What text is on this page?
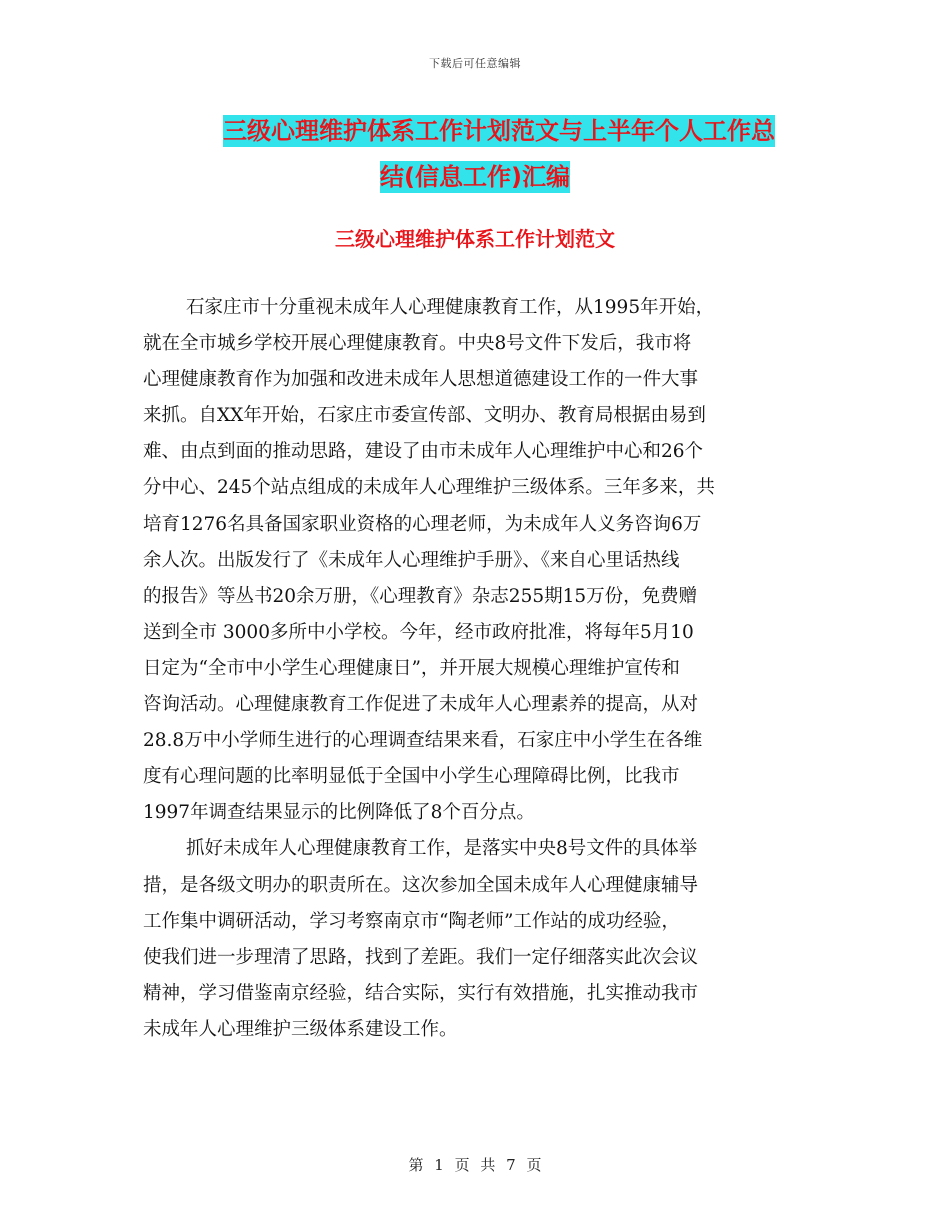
下载后可任意编辑
三级心理维护体系工作计划范文与上半年个人工作总
结(信息工作)汇编
三级心理维护体系工作计划范文
石家庄市十分重视未成年人心理健康教育工作，从1995年开始，
就在全市城乡学校开展心理健康教育。中央8号文件下发后，我市将
心理健康教育作为加强和改进未成年人思想道德建设工作的一件大事
来抓。自XX年开始，石家庄市委宣传部、文明办、教育局根据由易到
难、由点到面的推动思路，建设了由市未成年人心理维护中心和26个
分中心、245个站点组成的未成年人心理维护三级体系。三年多来，共
培育1276名具备国家职业资格的心理老师，为未成年人义务咨询6万
余人次。出版发行了《未成年人心理维护手册》、《来自心里话热线
的报告》等丛书20余万册，《心理教育》杂志255期15万份，免费赠
送到全市 3000多所中小学校。今年，经市政府批准，将每年5月10
日定为“全市中小学生心理健康日”，并开展大规模心理维护宣传和
咨询活动。心理健康教育工作促进了未成年人心理素养的提高，从对
28.8万中小学师生进行的心理调查结果来看，石家庄中小学生在各维
度有心理问题的比率明显低于全国中小学生心理障碍比例，比我市
1997年调查结果显示的比例降低了8个百分点。
抓好未成年人心理健康教育工作，是落实中央8号文件的具体举
措，是各级文明办的职责所在。这次参加全国未成年人心理健康辅导
工作集中调研活动，学习考察南京市“陶老师”工作站的成功经验，
使我们进一步理清了思路，找到了差距。我们一定仔细落实此次会议
精神，学习借鉴南京经验，结合实际，实行有效措施，扎实推动我市
未成年人心理维护三级体系建设工作。
第 1 页 共 7 页
